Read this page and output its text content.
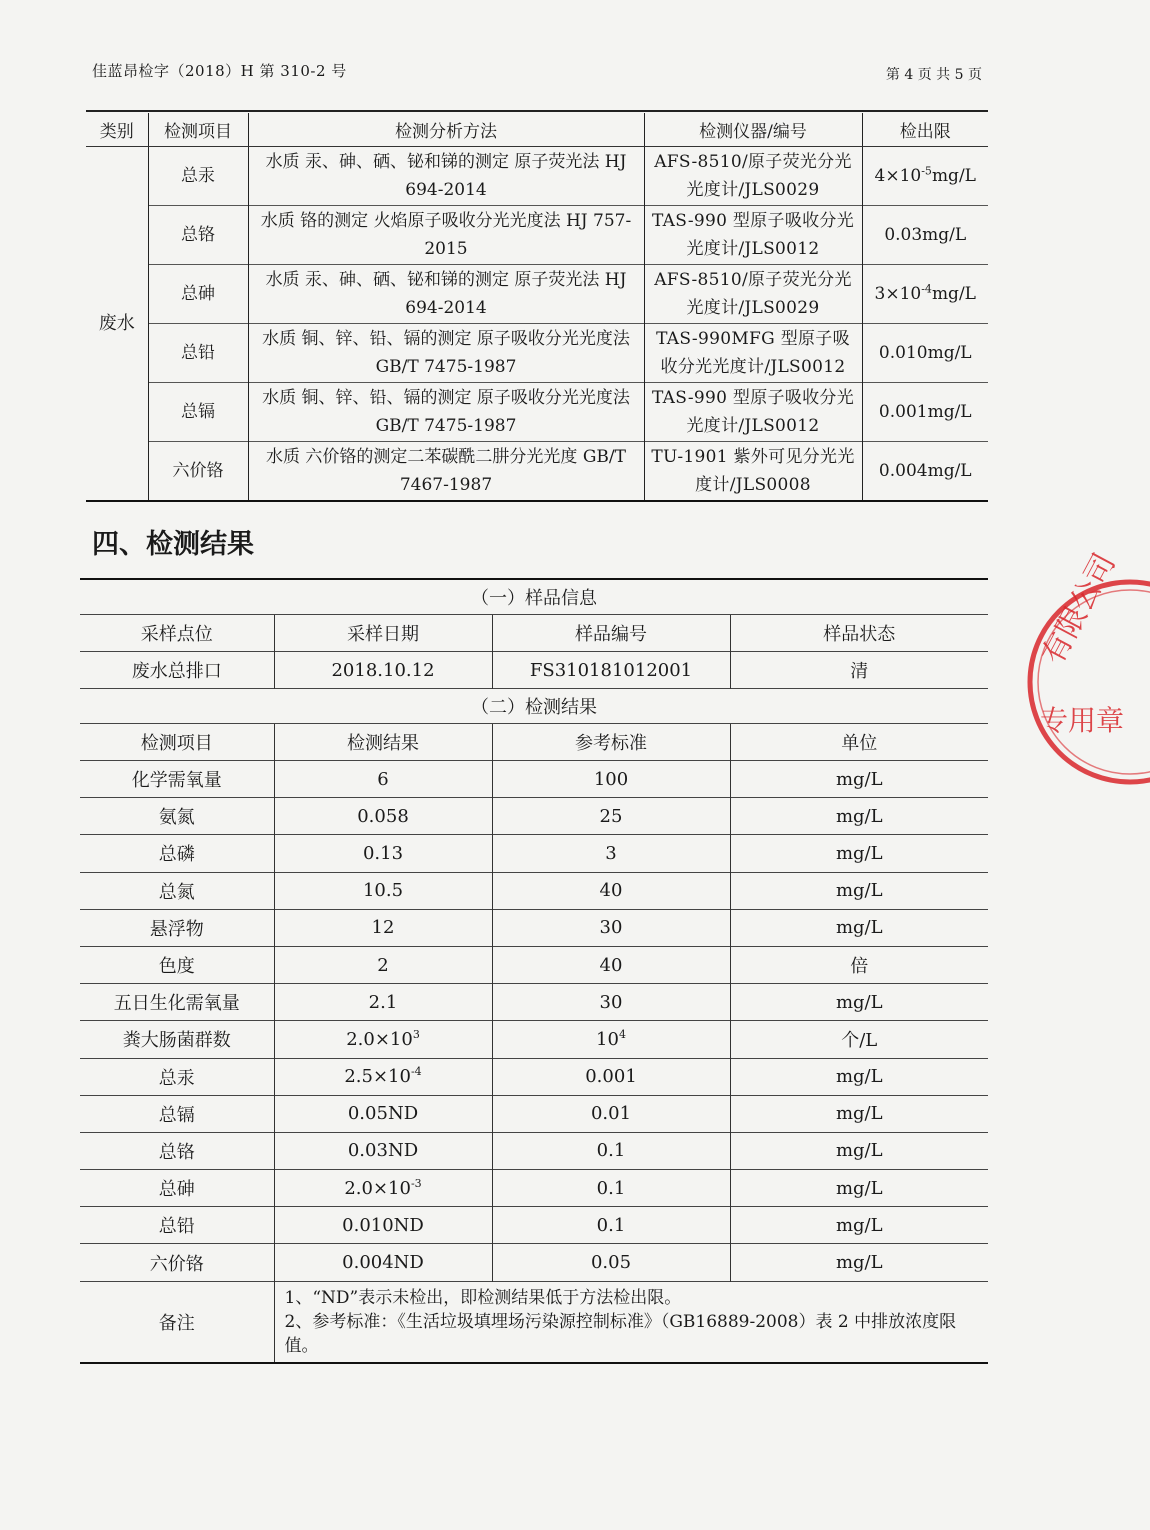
佳蓝昂检字（2018）H 第 310-2 号	第 4 页 共 5 页
类别	检测项目	检测分析方法	检测仪器/编号	检出限
废水	总汞	水质 汞、砷、硒、铋和锑的测定 原子荧光法 HJ 694-2014	AFS-8510/原子荧光分光光度计/JLS0029	$4\times 10^{-5}mg/L$
	总铬	水质 铬的测定 火焰原子吸收分光光度法 HJ 757-2015	TAS-990 型原子吸收分光光度计/JLS0012	0.03mg/L
	总砷	水质 汞、砷、硒、铋和锑的测定 原子荧光法 HJ 694-2014	AFS-8510/原子荧光分光光度计/JLS0029	$3\times 10^{-4}mg/L$
	总铅	水质 铜、锌、铅、镉的测定 原子吸收分光光度法 GB/T 7475-1987	TAS-990MFG 型原子吸收分光光度计/JLS0012	0.010mg/L
	总镉	水质 铜、锌、铅、镉的测定 原子吸收分光光度法 GB/T 7475-1987	TAS-990 型原子吸收分光光度计/JLS0012	0.001mg/L
	六价铬	水质 六价铬的测定二苯碳酰二肼分光光度 GB/T 7467-1987	TU-1901 紫外可见分光光度计/JLS0008	0.004mg/L
四、检测结果
（一）样品信息			
采样点位	采样日期	样品编号	样品状态
废水总排口	2018.10.12	FS310181012001	清
（二）检测结果			
检测项目	检测结果	参考标准	单位
化学需氧量	6	100	mg/L
氨氮	0.058	25	mg/L
总磷	0.13	3	mg/L
总氮	10.5	40	mg/L
悬浮物	12	30	mg/L
色度	2	40	倍
五日生化需氧量	2.1	30	mg/L
粪大肠菌群数	$2.0\times 10^3$	$10^4$	个/L
总汞	$2.5\times 10^{-4}$	0.001	mg/L
总镉	0.05ND	0.01	mg/L
总铬	0.03ND	0.1	mg/L
总砷	$2.0\times 10^{-3}$	0.1	mg/L
总铅	0.010ND	0.1	mg/L
六价铬	0.004ND	0.05	mg/L
备注	1、“ND”表示未检出，即检测结果低于方法检出限。
2、参考标准：《生活垃圾填埋场污染源控制标准》（GB16889-2008）表 2 中排放浓度限值。		
有限公司
专用章
